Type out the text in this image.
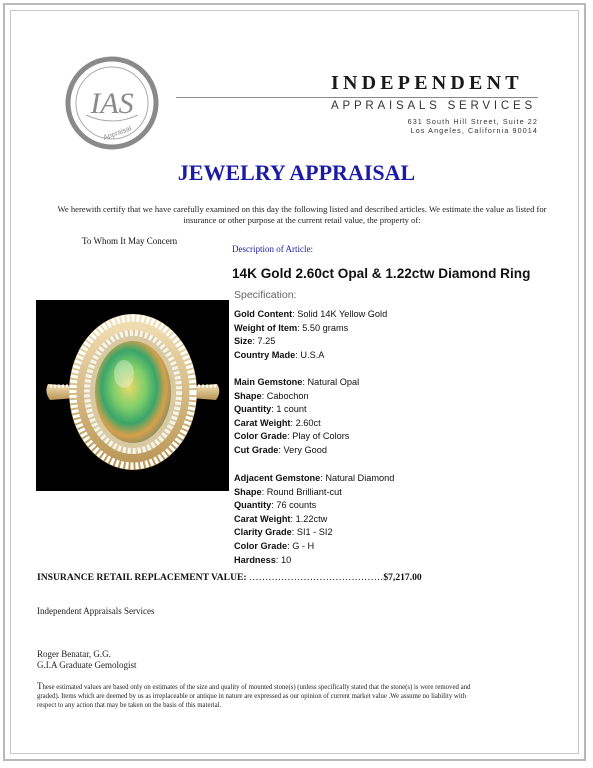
IAS
Appraisal
INDEPENDENT
APPRAISALS SERVICES
631 South Hill Street, Suite 22
Los Angeles, California 90014
JEWELRY APPRAISAL
We herewith certify that we have carefully examined on this day the following listed and described articles. We estimate the value as listed for insurance or other purpose at the current retail value, the property of:
To Whom It May Concern
Description of Article:
14K Gold 2.60ct Opal & 1.22ctw Diamond Ring
Specification:
Gold Content: Solid 14K Yellow Gold
Weight of Item: 5.50 grams
Size: 7.25
Country Made: U.S.A
Main Gemstone: Natural Opal
Shape: Cabochon
Quantity: 1 count
Carat Weight: 2.60ct
Color Grade: Play of Colors
Cut Grade: Very Good
Adjacent Gemstone: Natural Diamond
Shape: Round Brilliant-cut
Quantity: 76 counts
Carat Weight: 1.22ctw
Clarity Grade: SI1 - SI2
Color Grade: G - H
Hardness: 10
INSURANCE RETAIL REPLACEMENT VALUE: ……………………………………$7,217.00
Independent Appraisals Services
Roger Benatar, G.G.
G.I.A Graduate Gemologist
These estimated values are based only on estimates of the size and quality of mounted stone(s) (unless specifically stated that the stone(s) is were removed and graded). Items which are deemed by us as irreplaceable or antique in nature are expressed as our opinion of current market value .We assume no liability with respect to any action that may be taken on the basis of this material.
